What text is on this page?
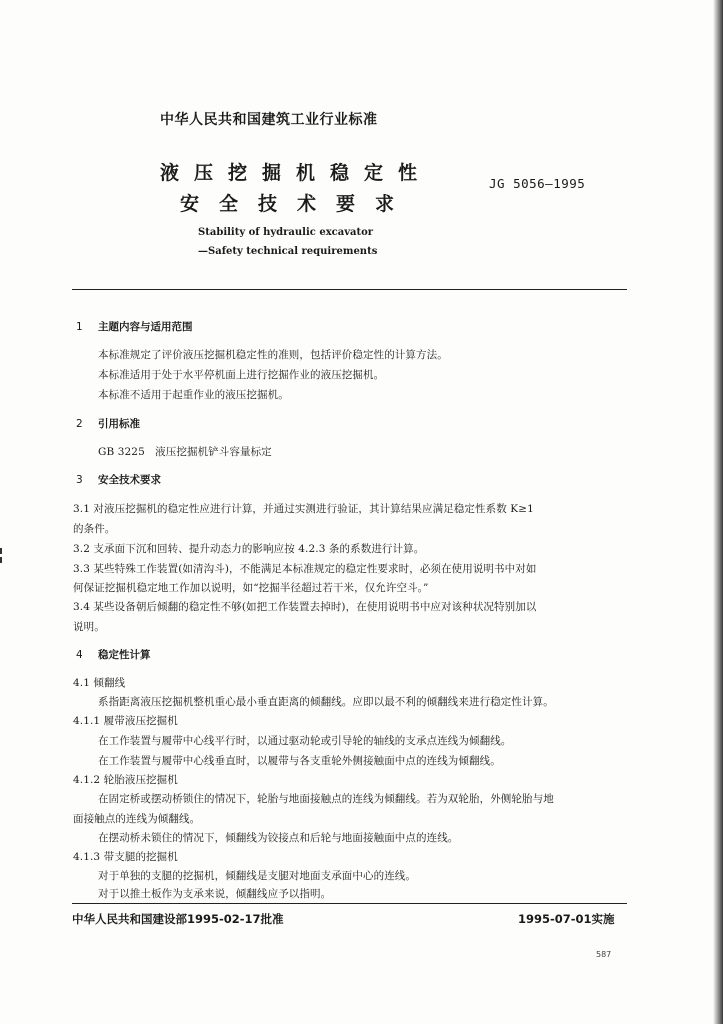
中华人民共和国建筑工业行业标准
液压挖掘机稳定性
安全技术要求
JG 5056—1995
Stability of hydraulic excavator
—Safety technical requirements
1 主题内容与适用范围
本标准规定了评价液压挖掘机稳定性的准则，包括评价稳定性的计算方法。
本标准适用于处于水平停机面上进行挖掘作业的液压挖掘机。
本标准不适用于起重作业的液压挖掘机。
2 引用标准
GB 3225   液压挖掘机铲斗容量标定
3 安全技术要求
3.1 对液压挖掘机的稳定性应进行计算，并通过实测进行验证，其计算结果应满足稳定性系数 K≥1
的条件。
3.2 支承面下沉和回转、提升动态力的影响应按 4.2.3 条的系数进行计算。
3.3 某些特殊工作装置(如清沟斗)，不能满足本标准规定的稳定性要求时，必须在使用说明书中对如
何保证挖掘机稳定地工作加以说明，如“挖掘半径超过若干米，仅允许空斗。”
3.4 某些设备朝后倾翻的稳定性不够(如把工作装置去掉时)，在使用说明书中应对该种状况特别加以
说明。
4 稳定性计算
4.1 倾翻线
系指距离液压挖掘机整机重心最小垂直距离的倾翻线。应即以最不利的倾翻线来进行稳定性计算。
4.1.1 履带液压挖掘机
在工作装置与履带中心线平行时，以通过驱动轮或引导轮的轴线的支承点连线为倾翻线。
在工作装置与履带中心线垂直时，以履带与各支重轮外侧接触面中点的连线为倾翻线。
4.1.2 轮胎液压挖掘机
在固定桥或摆动桥锁住的情况下，轮胎与地面接触点的连线为倾翻线。若为双轮胎，外侧轮胎与地
面接触点的连线为倾翻线。
在摆动桥未锁住的情况下，倾翻线为铰接点和后轮与地面接触面中点的连线。
4.1.3 带支腿的挖掘机
对于单独的支腿的挖掘机，倾翻线是支腿对地面支承面中心的连线。
对于以推土板作为支承来说，倾翻线应予以指明。
中华人民共和国建设部1995-02-17批准	1995-07-01实施
587
